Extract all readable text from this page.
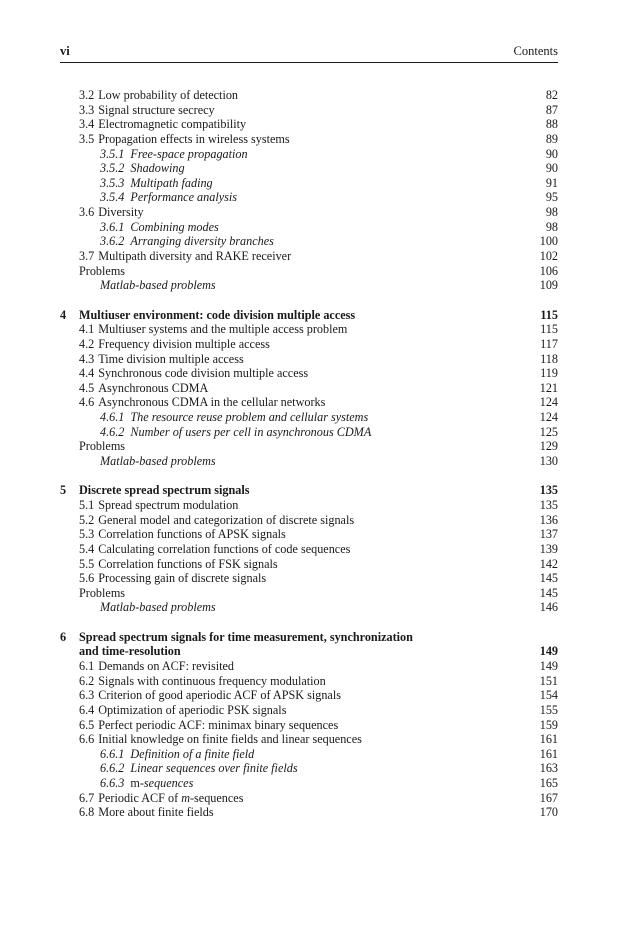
vi	Contents
3.2 Low probability of detection	82
3.3 Signal structure secrecy	87
3.4 Electromagnetic compatibility	88
3.5 Propagation effects in wireless systems	89
3.5.1 Free-space propagation	90
3.5.2 Shadowing	90
3.5.3 Multipath fading	91
3.5.4 Performance analysis	95
3.6 Diversity	98
3.6.1 Combining modes	98
3.6.2 Arranging diversity branches	100
3.7 Multipath diversity and RAKE receiver	102
Problems	106
Matlab-based problems	109
4 Multiuser environment: code division multiple access	115
4.1 Multiuser systems and the multiple access problem	115
4.2 Frequency division multiple access	117
4.3 Time division multiple access	118
4.4 Synchronous code division multiple access	119
4.5 Asynchronous CDMA	121
4.6 Asynchronous CDMA in the cellular networks	124
4.6.1 The resource reuse problem and cellular systems	124
4.6.2 Number of users per cell in asynchronous CDMA	125
Problems	129
Matlab-based problems	130
5 Discrete spread spectrum signals	135
5.1 Spread spectrum modulation	135
5.2 General model and categorization of discrete signals	136
5.3 Correlation functions of APSK signals	137
5.4 Calculating correlation functions of code sequences	139
5.5 Correlation functions of FSK signals	142
5.6 Processing gain of discrete signals	145
Problems	145
Matlab-based problems	146
6 Spread spectrum signals for time measurement, synchronization
and time-resolution	149
6.1 Demands on ACF: revisited	149
6.2 Signals with continuous frequency modulation	151
6.3 Criterion of good aperiodic ACF of APSK signals	154
6.4 Optimization of aperiodic PSK signals	155
6.5 Perfect periodic ACF: minimax binary sequences	159
6.6 Initial knowledge on finite fields and linear sequences	161
6.6.1 Definition of a finite field	161
6.6.2 Linear sequences over finite fields	163
6.6.3 m-sequences	165
6.7 Periodic ACF of m-sequences	167
6.8 More about finite fields	170
